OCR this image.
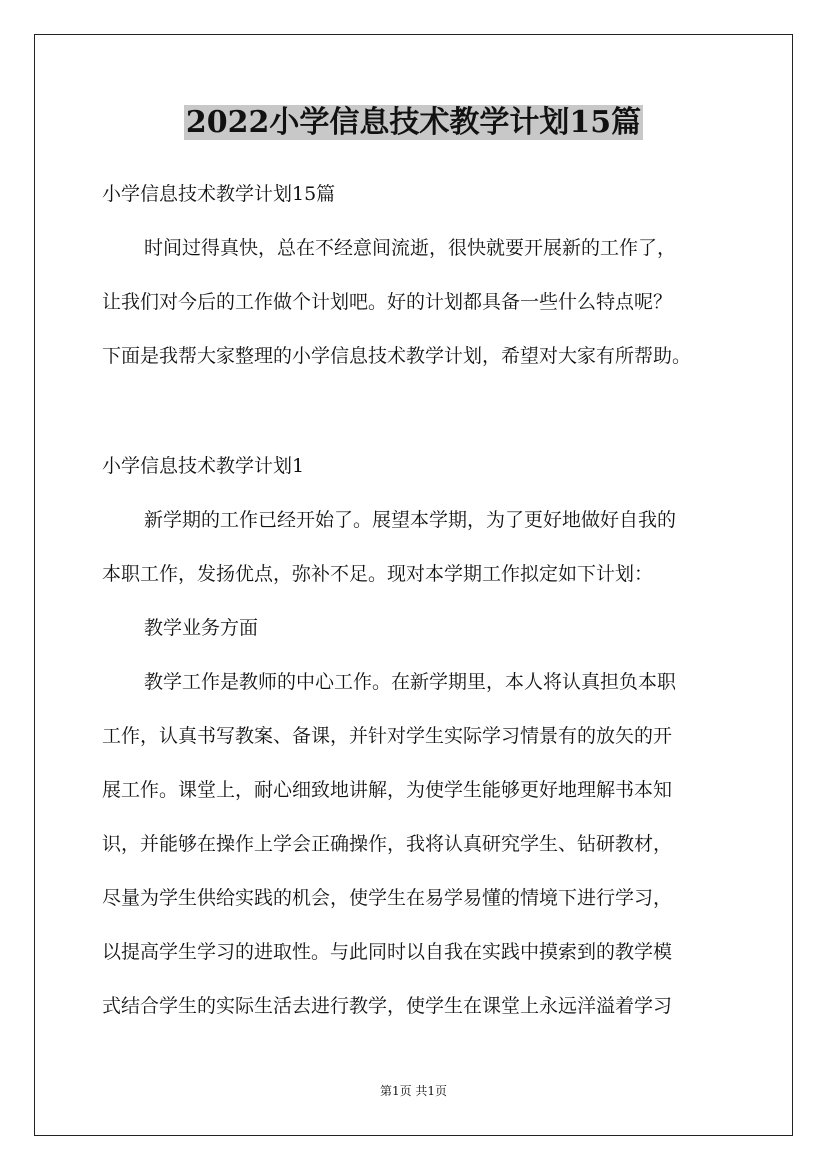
2022小学信息技术教学计划15篇

小学信息技术教学计划15篇

时间过得真快，总在不经意间流逝，很快就要开展新的工作了，

让我们对今后的工作做个计划吧。好的计划都具备一些什么特点呢？

下面是我帮大家整理的小学信息技术教学计划，希望对大家有所帮助。

小学信息技术教学计划1

新学期的工作已经开始了。展望本学期，为了更好地做好自我的

本职工作，发扬优点，弥补不足。现对本学期工作拟定如下计划：

教学业务方面

教学工作是教师的中心工作。在新学期里，本人将认真担负本职

工作，认真书写教案、备课，并针对学生实际学习情景有的放矢的开

展工作。课堂上，耐心细致地讲解，为使学生能够更好地理解书本知

识，并能够在操作上学会正确操作，我将认真研究学生、钻研教材，

尽量为学生供给实践的机会，使学生在易学易懂的情境下进行学习，

以提高学生学习的进取性。与此同时以自我在实践中摸索到的教学模

式结合学生的实际生活去进行教学，使学生在课堂上永远洋溢着学习

第1页 共1页
